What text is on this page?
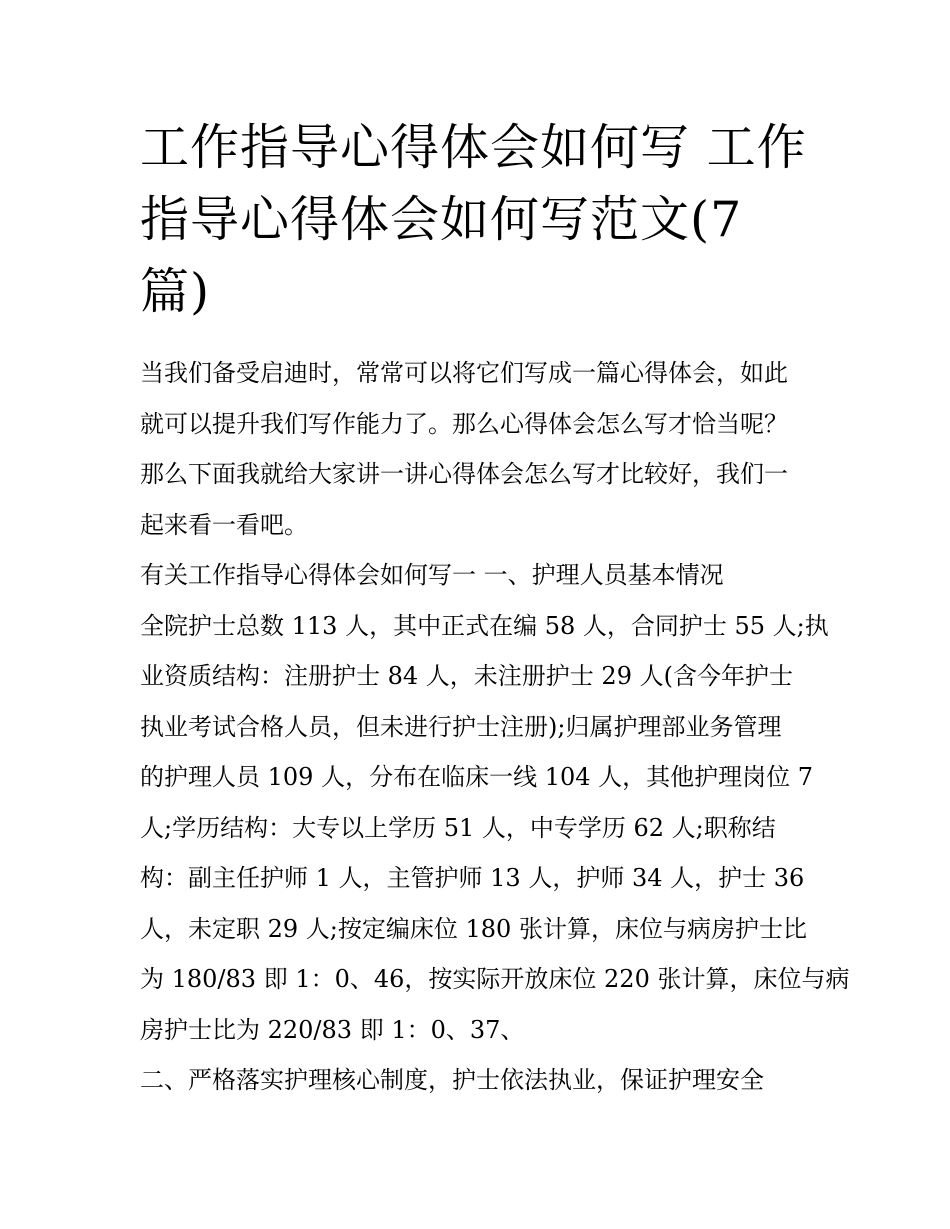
工作指导心得体会如何写 工作
指导心得体会如何写范文(7
篇)

当我们备受启迪时，常常可以将它们写成一篇心得体会，如此
就可以提升我们写作能力了。那么心得体会怎么写才恰当呢？
那么下面我就给大家讲一讲心得体会怎么写才比较好，我们一
起来看一看吧。

有关工作指导心得体会如何写一 一、护理人员基本情况

全院护士总数 113 人，其中正式在编 58 人，合同护士 55 人;执
业资质结构：注册护士 84 人，未注册护士 29 人(含今年护士
执业考试合格人员，但未进行护士注册);归属护理部业务管理
的护理人员 109 人，分布在临床一线 104 人，其他护理岗位 7
人;学历结构：大专以上学历 51 人，中专学历 62 人;职称结
构：副主任护师 1 人，主管护师 13 人，护师 34 人，护士 36
人，未定职 29 人;按定编床位 180 张计算，床位与病房护士比
为 180/83 即 1：0、46，按实际开放床位 220 张计算，床位与病
房护士比为 220/83 即 1：0、37、

二、严格落实护理核心制度，护士依法执业，保证护理安全
